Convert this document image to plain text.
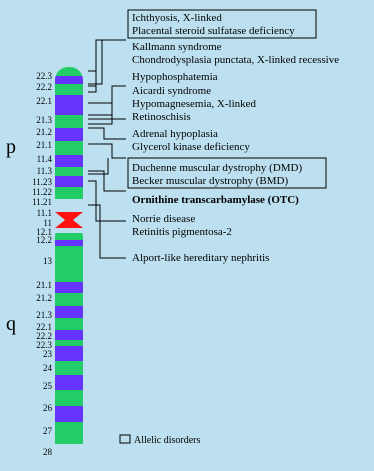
22.3
22.2
22.1
21.3
21.2
21.1
11.4
11.3
11.23
11.22
11.21
11.1
11
12.1
12.2
13
21.1
21.2
21.3
22.1
22.2
22.3
23
24
25
26
27
28
p
q
Ichthyosis, X-linked
Placental steroid sulfatase deficiency
Kallmann syndrome
Chondrodysplasia punctata, X-linked recessive
Hypophosphatemia
Aicardi syndrome
Hypomagnesemia, X-linked
Retinoschisis
Adrenal hypoplasia
Glycerol kinase deficiency
Duchenne muscular dystrophy (DMD)
Becker muscular dystrophy (BMD)
Ornithine transcarbamylase (OTC)
Norrie disease
Retinitis pigmentosa-2
Alport-like hereditary nephritis
Allelic disorders
